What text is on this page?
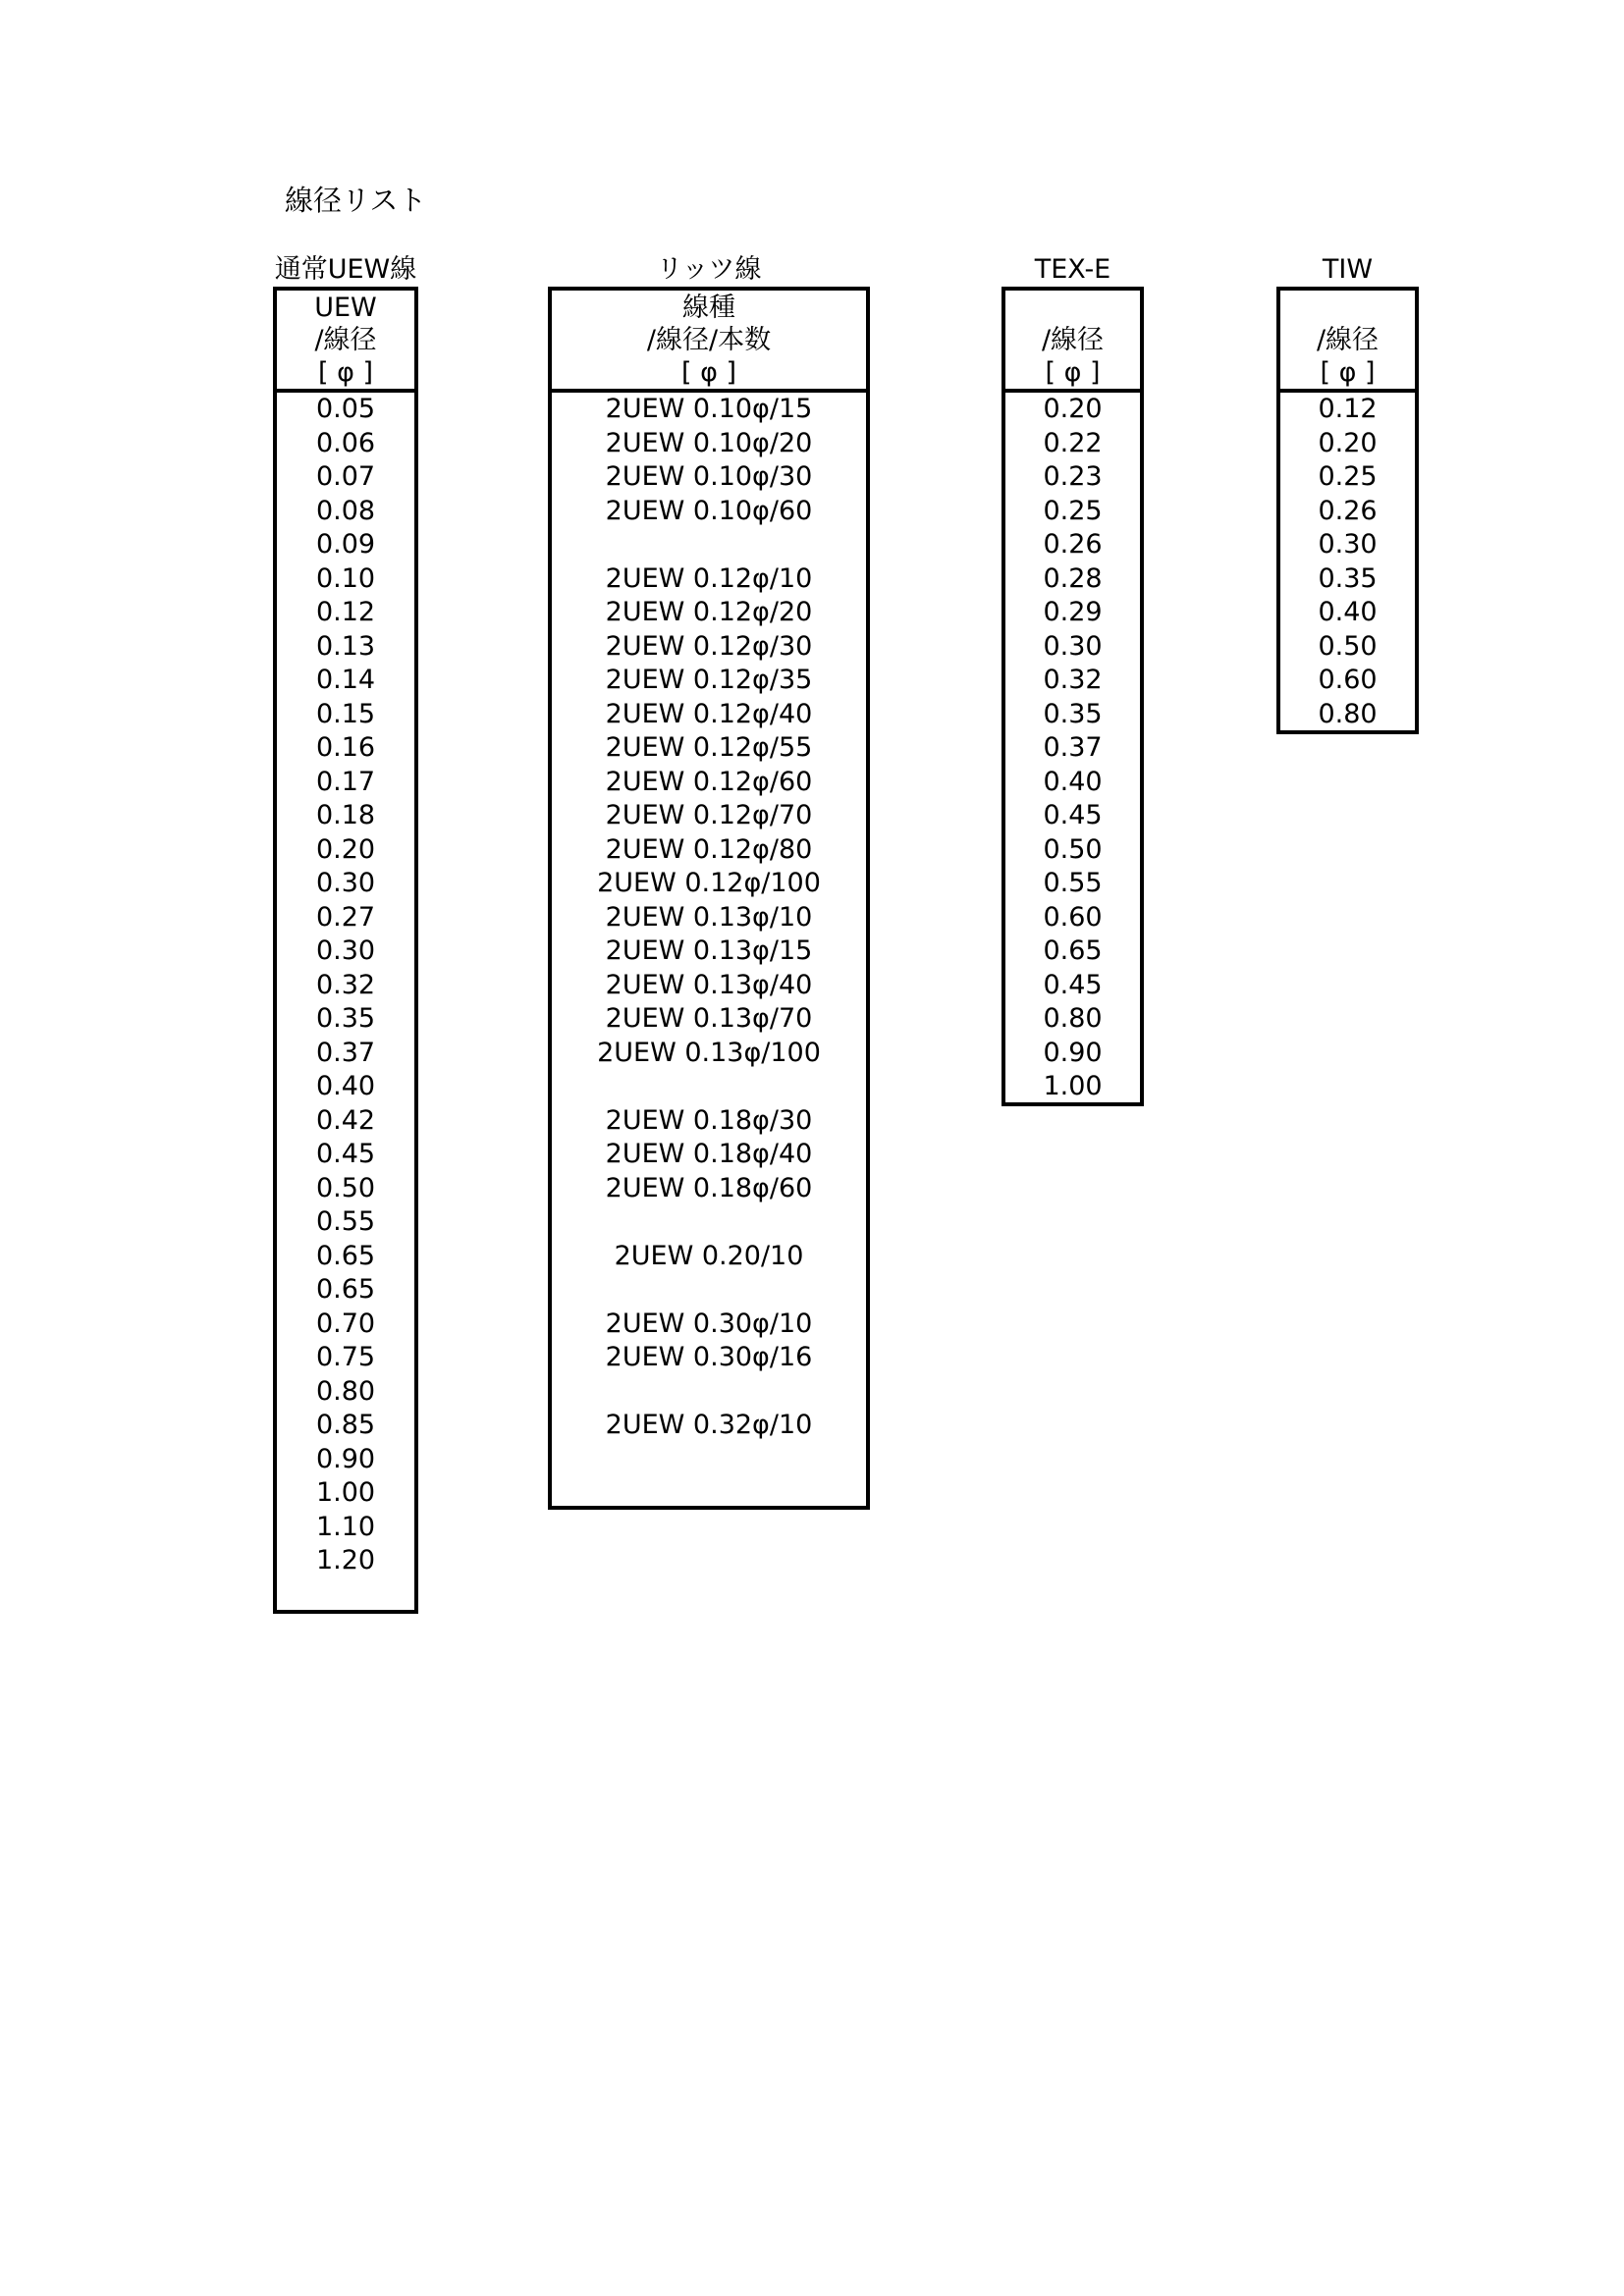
線径リスト
通常UEW線
UEW
/線径
[ φ ]
0.05
0.06
0.07
0.08
0.09
0.10
0.12
0.13
0.14
0.15
0.16
0.17
0.18
0.20
0.30
0.27
0.30
0.32
0.35
0.37
0.40
0.42
0.45
0.50
0.55
0.65
0.65
0.70
0.75
0.80
0.85
0.90
1.00
1.10
1.20
リッツ線
線種
/線径/本数
[ φ ]
2UEW 0.10φ/15
2UEW 0.10φ/20
2UEW 0.10φ/30
2UEW 0.10φ/60
2UEW 0.12φ/10
2UEW 0.12φ/20
2UEW 0.12φ/30
2UEW 0.12φ/35
2UEW 0.12φ/40
2UEW 0.12φ/55
2UEW 0.12φ/60
2UEW 0.12φ/70
2UEW 0.12φ/80
2UEW 0.12φ/100
2UEW 0.13φ/10
2UEW 0.13φ/15
2UEW 0.13φ/40
2UEW 0.13φ/70
2UEW 0.13φ/100
2UEW 0.18φ/30
2UEW 0.18φ/40
2UEW 0.18φ/60
2UEW 0.20/10
2UEW 0.30φ/10
2UEW 0.30φ/16
2UEW 0.32φ/10
TEX-E
/線径
[ φ ]
0.20
0.22
0.23
0.25
0.26
0.28
0.29
0.30
0.32
0.35
0.37
0.40
0.45
0.50
0.55
0.60
0.65
0.45
0.80
0.90
1.00
TIW
/線径
[ φ ]
0.12
0.20
0.25
0.26
0.30
0.35
0.40
0.50
0.60
0.80
